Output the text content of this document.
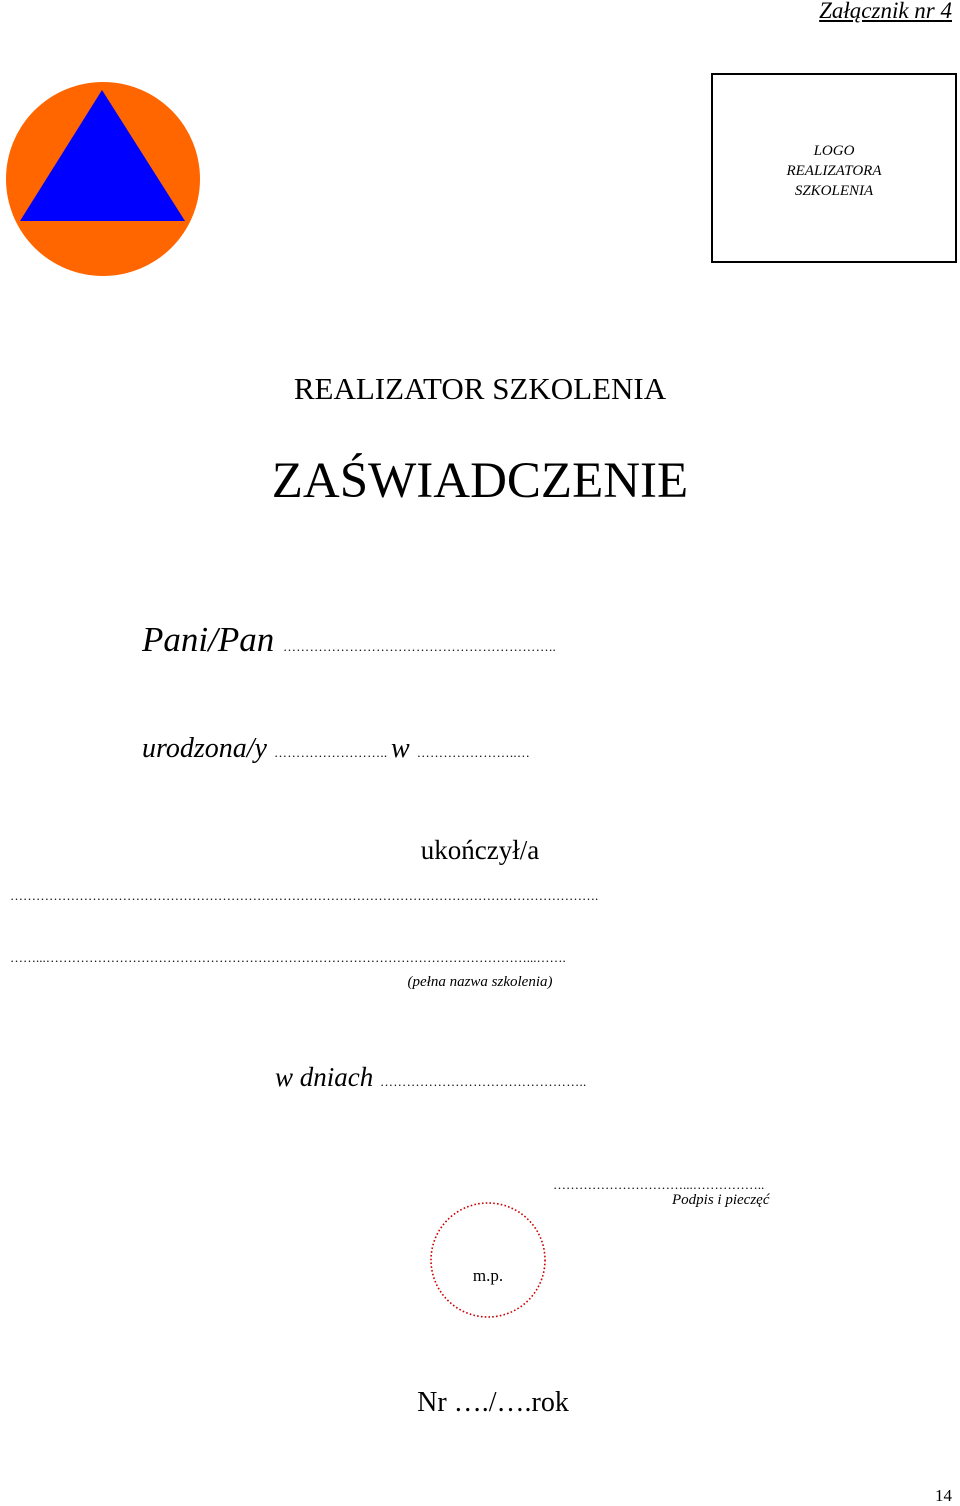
Załącznik nr 4
LOGO
REALIZATORA
SZKOLENIA
REALIZATOR SZKOLENIA
ZAŚWIADCZENIE
Pani/Pan ……………………………………………………..
urodzona/y …………………….. w …………………..…
ukończył/a
……………………………………………………………………………………………………………………….
……...…………………………………………………………………………………………………...…….
(pełna nazwa szkolenia)
w dniach ………………………………………..
…………………………...……………..
Podpis i pieczęć
m.p.
Nr …./….rok
14
